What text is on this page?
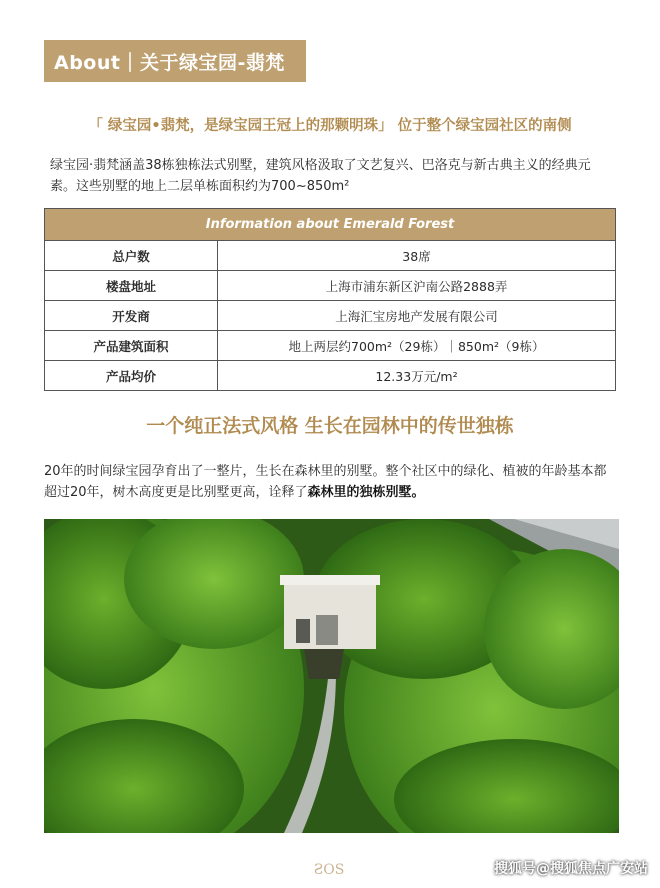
About｜关于绿宝园-翡梵
「 绿宝园•翡梵，是绿宝园王冠上的那颗明珠」 位于整个绿宝园社区的南侧
绿宝园·翡梵涵盖38栋独栋法式别墅，建筑风格汲取了文艺复兴、巴洛克与新古典主义的经典元素。这些别墅的地上二层单栋面积约为700~850m²
Information about Emerald Forest	
总户数	38席
楼盘地址	上海市浦东新区沪南公路2888弄
开发商	上海汇宝房地产发展有限公司
产品建筑面积	地上两层约700m²（29栋）｜850m²（9栋）
产品均价	12.33万元/m²
一个纯正法式风格 生长在园林中的传世独栋
20年的时间绿宝园孕育出了一整片，生长在森林里的别墅。整个社区中的绿化、植被的年龄基本都超过20年，树木高度更是比别墅更高，诠释了森林里的独栋别墅。
ƧOS	搜狐号@搜狐焦点广安站
